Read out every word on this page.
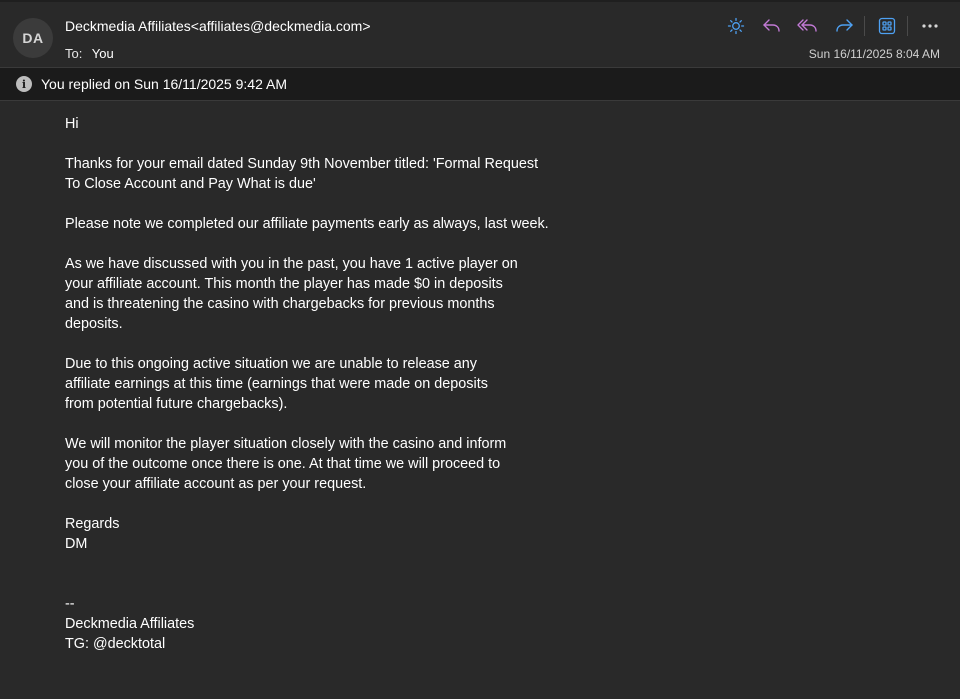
DA
Deckmedia Affiliates<affiliates@deckmedia.com>
To: You	Sun 16/11/2025 8:04 AM
i	You replied on Sun 16/11/2025 9:42 AM

Hi

Thanks for your email dated Sunday 9th November titled: 'Formal Request
To Close Account and Pay What is due'

Please note we completed our affiliate payments early as always, last week.

As we have discussed with you in the past, you have 1 active player on
your affiliate account. This month the player has made $0 in deposits
and is threatening the casino with chargebacks for previous months
deposits.

Due to this ongoing active situation we are unable to release any
affiliate earnings at this time (earnings that were made on deposits
from potential future chargebacks).

We will monitor the player situation closely with the casino and inform
you of the outcome once there is one. At that time we will proceed to
close your affiliate account as per your request.

Regards
DM

--
Deckmedia Affiliates
TG: @decktotal
